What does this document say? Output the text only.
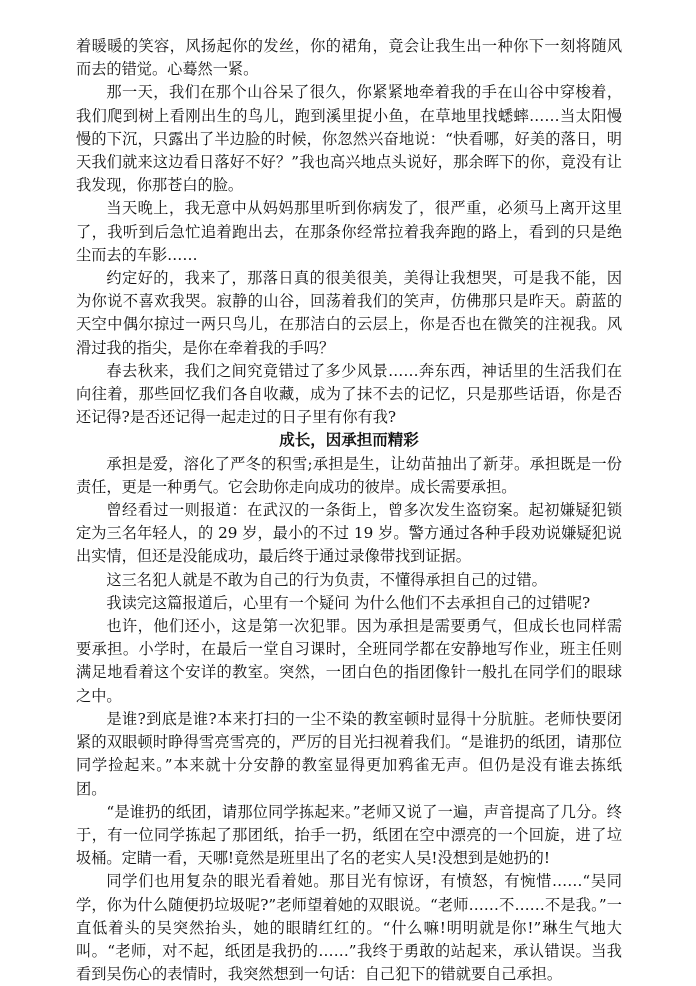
着暖暖的笑容，风扬起你的发丝，你的裙角，竟会让我生出一种你下一刻将随风而去的错觉。心蓦然一紧。

那一天，我们在那个山谷呆了很久，你紧紧地牵着我的手在山谷中穿梭着，我们爬到树上看刚出生的鸟儿，跑到溪里捉小鱼，在草地里找蟋蟀……当太阳慢慢的下沉，只露出了半边脸的时候，你忽然兴奋地说：“快看哪，好美的落日，明天我们就来这边看日落好不好？”我也高兴地点头说好，那余晖下的你，竟没有让我发现，你那苍白的脸。

当天晚上，我无意中从妈妈那里听到你病发了，很严重，必须马上离开这里了，我听到后急忙追着跑出去，在那条你经常拉着我奔跑的路上，看到的只是绝尘而去的车影……

约定好的，我来了，那落日真的很美很美，美得让我想哭，可是我不能，因为你说不喜欢我哭。寂静的山谷，回荡着我们的笑声，仿佛那只是昨天。蔚蓝的天空中偶尔掠过一两只鸟儿，在那洁白的云层上，你是否也在微笑的注视我。风滑过我的指尖，是你在牵着我的手吗？

春去秋来，我们之间究竟错过了多少风景……奔东西，神话里的生活我们在向往着，那些回忆我们各自收藏，成为了抹不去的记忆，只是那些话语，你是否还记得?是否还记得一起走过的日子里有你有我?

成长，因承担而精彩

承担是爱，溶化了严冬的积雪;承担是生，让幼苗抽出了新芽。承担既是一份责任，更是一种勇气。它会助你走向成功的彼岸。成长需要承担。

曾经看过一则报道：在武汉的一条街上，曾多次发生盗窃案。起初嫌疑犯锁定为三名年轻人，的 29 岁，最小的不过 19 岁。警方通过各种手段劝说嫌疑犯说出实情，但还是没能成功，最后终于通过录像带找到证据。

这三名犯人就是不敢为自己的行为负责，不懂得承担自己的过错。

我读完这篇报道后，心里有一个疑问 为什么他们不去承担自己的过错呢?

也许，他们还小，这是第一次犯罪。因为承担是需要勇气，但成长也同样需要承担。小学时，在最后一堂自习课时，全班同学都在安静地写作业，班主任则满足地看着这个安详的教室。突然，一团白色的指团像针一般扎在同学们的眼球之中。

是谁?到底是谁?本来打扫的一尘不染的教室顿时显得十分肮脏。老师快要闭紧的双眼顿时睁得雪亮雪亮的，严厉的目光扫视着我们。“是谁扔的纸团，请那位同学捡起来。”本来就十分安静的教室显得更加鸦雀无声。但仍是没有谁去拣纸团。

“是谁扔的纸团，请那位同学拣起来。”老师又说了一遍，声音提高了几分。终于，有一位同学拣起了那团纸，抬手一扔，纸团在空中漂亮的一个回旋，进了垃圾桶。定睛一看，天哪!竟然是班里出了名的老实人吴!没想到是她扔的!

同学们也用复杂的眼光看着她。那目光有惊讶，有愤怒，有惋惜……“吴同学，你为什么随便扔垃圾呢?”老师望着她的双眼说。“老师……不……不是我。”一直低着头的吴突然抬头，她的眼睛红红的。“什么嘛!明明就是你!”琳生气地大叫。“老师，对不起，纸团是我扔的……”我终于勇敢的站起来，承认错误。当我看到吴伤心的表情时，我突然想到一句话：自己犯下的错就要自己承担。
